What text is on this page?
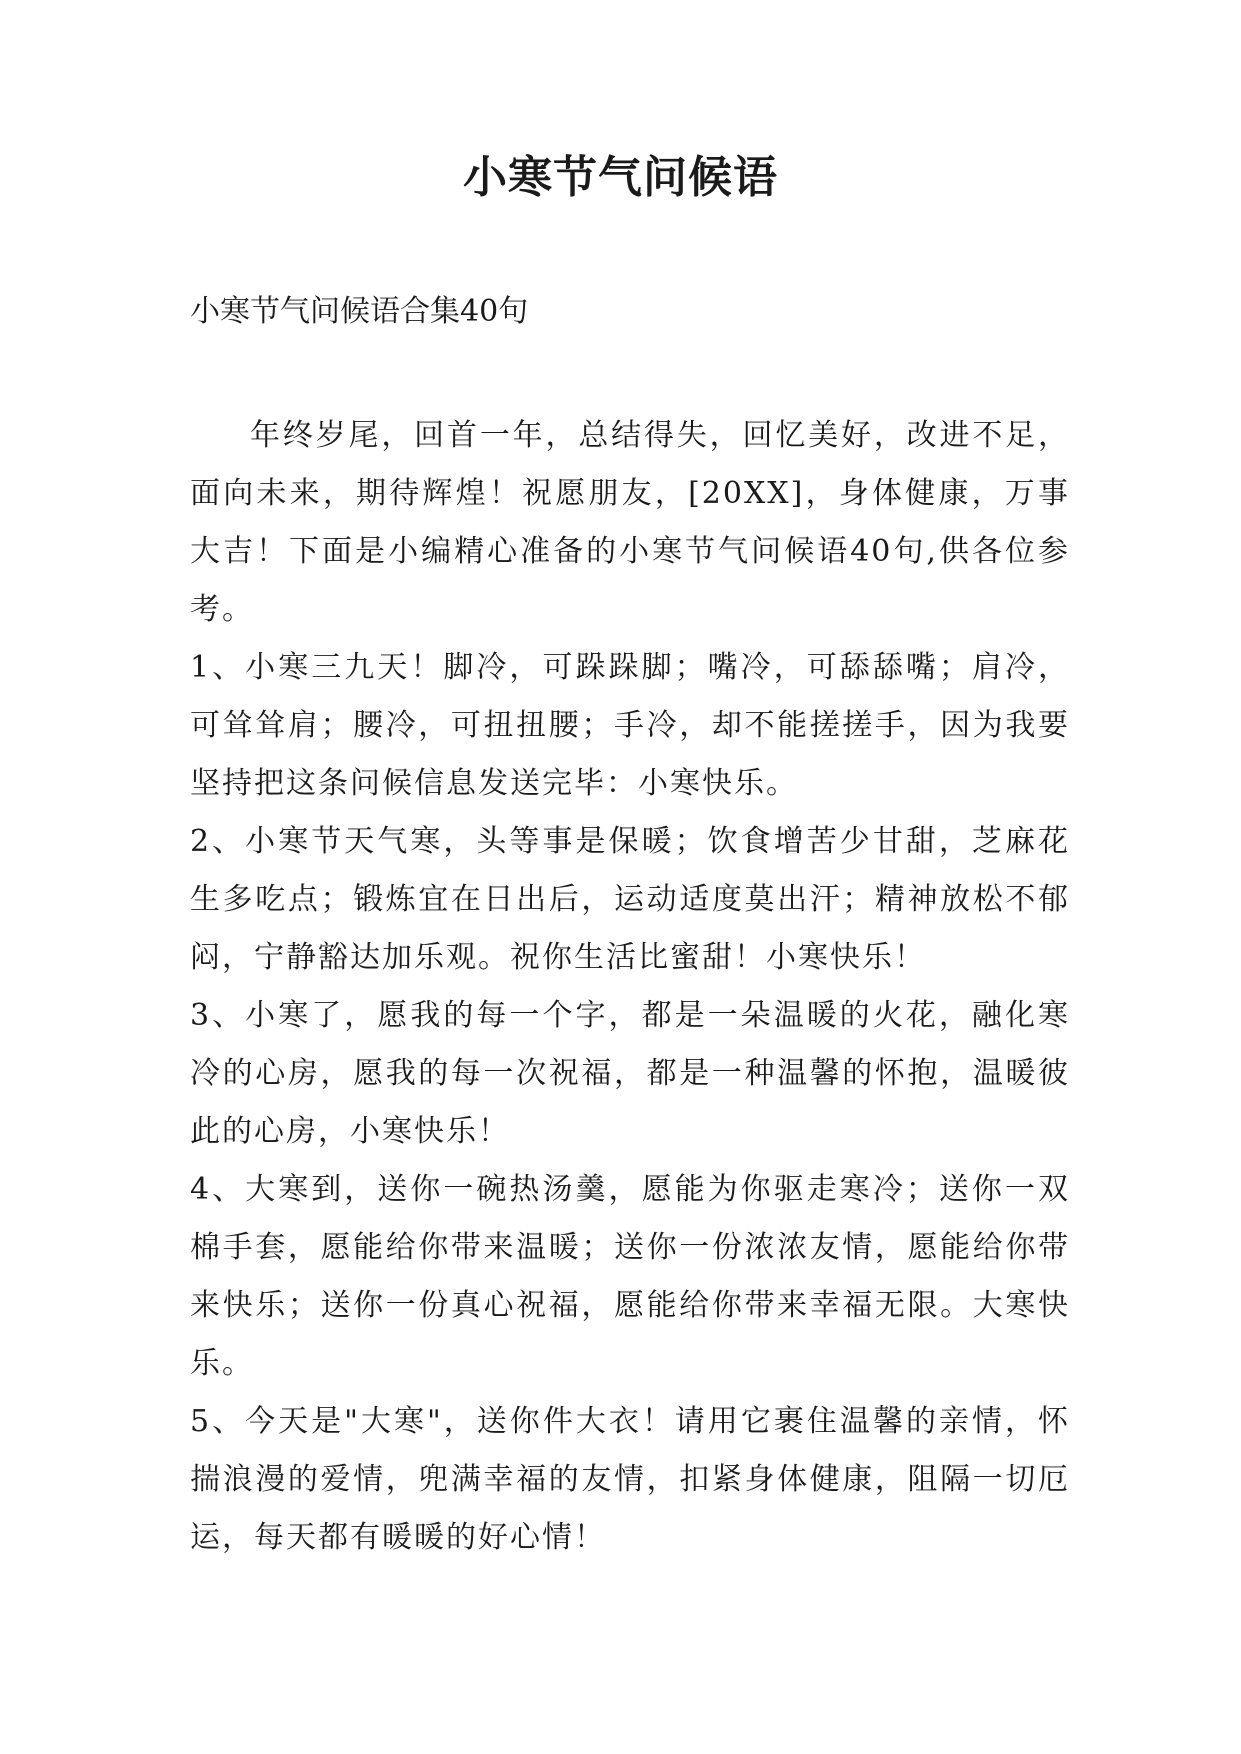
小寒节气问候语

小寒节气问候语合集40句

年终岁尾，回首一年，总结得失，回忆美好，改进不足，面向未来，期待辉煌！祝愿朋友，[20XX]，身体健康，万事大吉！下面是小编精心准备的小寒节气问候语40句,供各位参考。

1、小寒三九天！脚冷，可跺跺脚；嘴冷，可舔舔嘴；肩冷，可耸耸肩；腰冷，可扭扭腰；手冷，却不能搓搓手，因为我要坚持把这条问候信息发送完毕：小寒快乐。

2、小寒节天气寒，头等事是保暖；饮食增苦少甘甜，芝麻花生多吃点；锻炼宜在日出后，运动适度莫出汗；精神放松不郁闷，宁静豁达加乐观。祝你生活比蜜甜！小寒快乐！

3、小寒了，愿我的每一个字，都是一朵温暖的火花，融化寒冷的心房，愿我的每一次祝福，都是一种温馨的怀抱，温暖彼此的心房，小寒快乐！

4、大寒到，送你一碗热汤羹，愿能为你驱走寒冷；送你一双棉手套，愿能给你带来温暖；送你一份浓浓友情，愿能给你带来快乐；送你一份真心祝福，愿能给你带来幸福无限。大寒快乐。

5、今天是"大寒"，送你件大衣！请用它裹住温馨的亲情，怀揣浪漫的爱情，兜满幸福的友情，扣紧身体健康，阻隔一切厄运，每天都有暖暖的好心情！
